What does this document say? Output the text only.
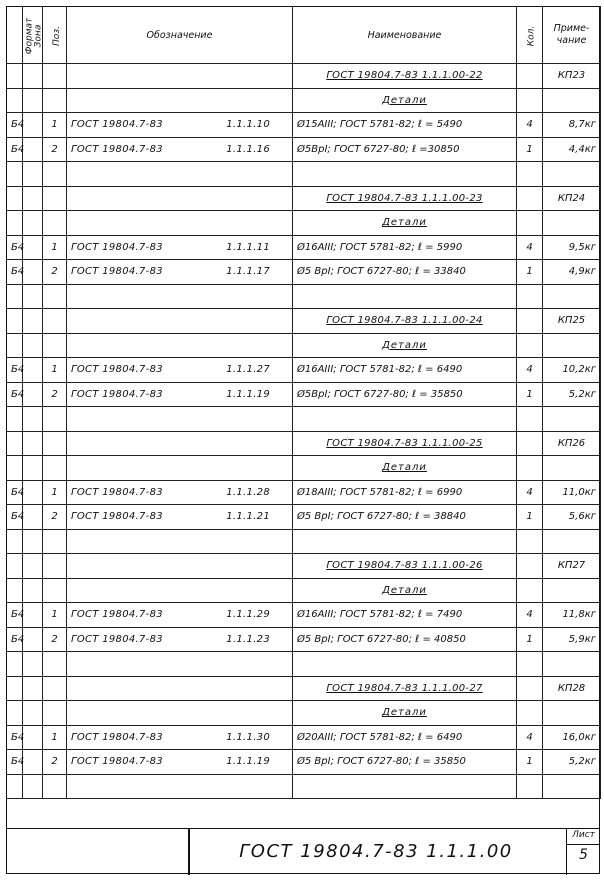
Формат	Зона	Поз.	Обозначение	Наименование	Кол.	Приме-чание
				ГОСТ 19804.7-83 1.1.1.00-22		КП23
				Детали		
Б4		1	ГОСТ 19804.7-83 1.1.1.10	Ø15АIII; ГОСТ 5781-82; ℓ = 5490	4	8,7кг
Б4		2	ГОСТ 19804.7-83 1.1.1.16	Ø5ВрI; ГОСТ 6727-80; ℓ =30850	1	4,4кг

				ГОСТ 19804.7-83 1.1.1.00-23		КП24
				Детали		
Б4		1	ГОСТ 19804.7-83 1.1.1.11	Ø16АIII; ГОСТ 5781-82; ℓ = 5990	4	9,5кг
Б4		2	ГОСТ 19804.7-83 1.1.1.17	Ø5 ВрI; ГОСТ 6727-80; ℓ = 33840	1	4,9кг

				ГОСТ 19804.7-83 1.1.1.00-24		КП25
				Детали		
Б4		1	ГОСТ 19804.7-83 1.1.1.27	Ø16АIII; ГОСТ 5781-82; ℓ = 6490	4	10,2кг
Б4		2	ГОСТ 19804.7-83 1.1.1.19	Ø5ВрI; ГОСТ 6727-80; ℓ = 35850	1	5,2кг

				ГОСТ 19804.7-83 1.1.1.00-25		КП26
				Детали		
Б4		1	ГОСТ 19804.7-83 1.1.1.28	Ø18АIII; ГОСТ 5781-82; ℓ = 6990	4	11,0кг
Б4		2	ГОСТ 19804.7-83 1.1.1.21	Ø5 ВрI; ГОСТ 6727-80; ℓ = 38840	1	5,6кг

				ГОСТ 19804.7-83 1.1.1.00-26		КП27
				Детали		
Б4		1	ГОСТ 19804.7-83 1.1.1.29	Ø16АIII; ГОСТ 5781-82; ℓ = 7490	4	11,8кг
Б4		2	ГОСТ 19804.7-83 1.1.1.23	Ø5 ВрI; ГОСТ 6727-80; ℓ = 40850	1	5,9кг

				ГОСТ 19804.7-83 1.1.1.00-27		КП28
				Детали		
Б4		1	ГОСТ 19804.7-83 1.1.1.30	Ø20АIII; ГОСТ 5781-82; ℓ = 6490	4	16,0кг
Б4		2	ГОСТ 19804.7-83 1.1.1.19	Ø5 ВрI; ГОСТ 6727-80; ℓ = 35850	1	5,2кг

ГОСТ 19804.7-83 1.1.1.00
Лист
5
